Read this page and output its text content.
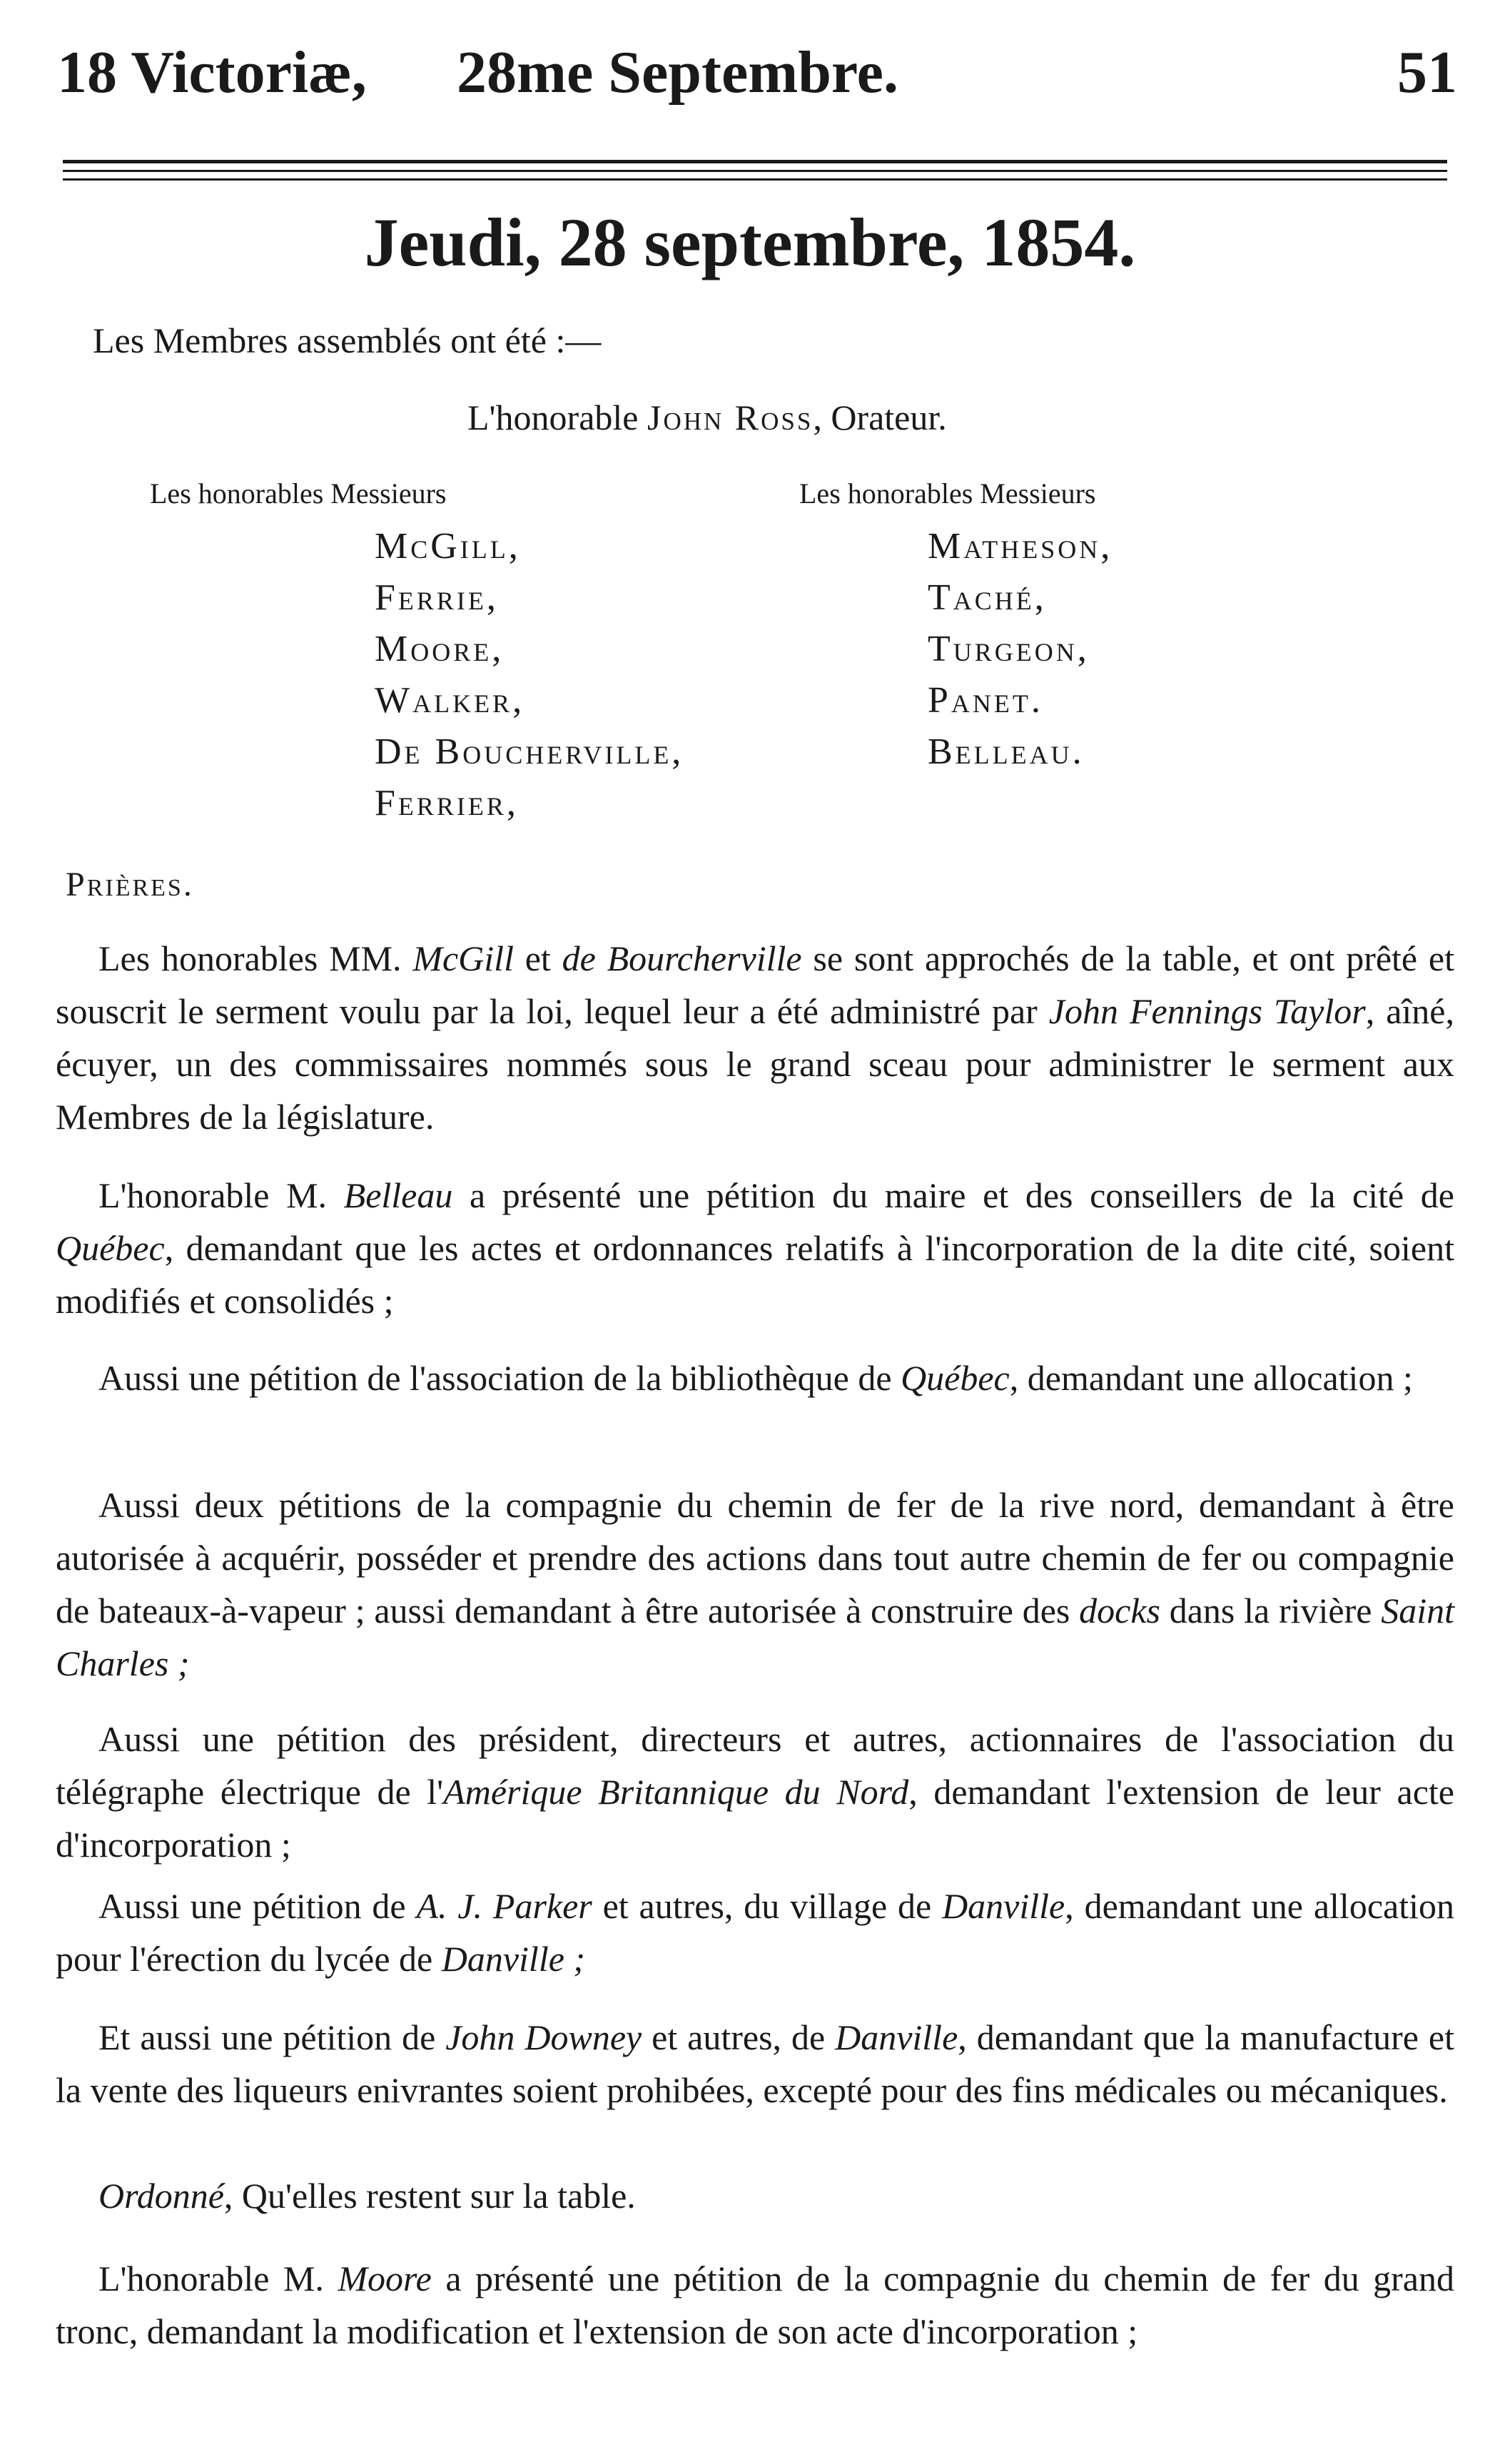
18 Victoriæ, 28me Septembre.	51
Jeudi, 28 septembre, 1854.
Les Membres assemblés ont été :—
L'honorable John Ross, Orateur.
Les honorables Messieurs	Les honorables Messieurs
McGill,
Ferrie,
Moore,
Walker,
De Boucherville,
Ferrier,
Matheson,
Taché,
Turgeon,
Panet.
Belleau.
Prières.
Les honorables MM. McGill et de Bourcherville se sont approchés de la table, et ont prêté et souscrit le serment voulu par la loi, lequel leur a été administré par John Fennings Taylor, aîné, écuyer, un des commissaires nommés sous le grand sceau pour administrer le serment aux Membres de la législature.
L'honorable M. Belleau a présenté une pétition du maire et des conseillers de la cité de Québec, demandant que les actes et ordonnances relatifs à l'incorporation de la dite cité, soient modifiés et consolidés ;
Aussi une pétition de l'association de la bibliothèque de Québec, demandant une allocation ;
Aussi deux pétitions de la compagnie du chemin de fer de la rive nord, demandant à être autorisée à acquérir, posséder et prendre des actions dans tout autre chemin de fer ou compagnie de bateaux-à-vapeur ; aussi demandant à être autorisée à construire des docks dans la rivière Saint Charles ;
Aussi une pétition des président, directeurs et autres, actionnaires de l'association du télégraphe électrique de l'Amérique Britannique du Nord, demandant l'extension de leur acte d'incorporation ;
Aussi une pétition de A. J. Parker et autres, du village de Danville, demandant une allocation pour l'érection du lycée de Danville ;
Et aussi une pétition de John Downey et autres, de Danville, demandant que la manufacture et la vente des liqueurs enivrantes soient prohibées, excepté pour des fins médicales ou mécaniques.
Ordonné, Qu'elles restent sur la table.
L'honorable M. Moore a présenté une pétition de la compagnie du chemin de fer du grand tronc, demandant la modification et l'extension de son acte d'incorporation ;
